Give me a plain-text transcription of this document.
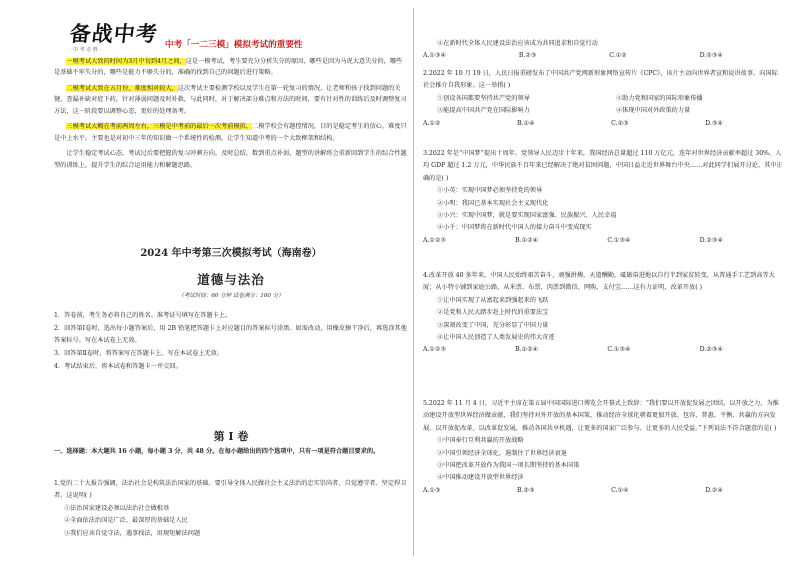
备战中考
· 中 考 必 胜 ·	中考「一二三模」模拟考试的重要性

一模考试大致的时间为3月中旬到4月之间，这是一模考试，考生要充分分析失分的原因，哪些是因为马虎大意失分的，哪些是基础不牢失分的，哪些是能力不够失分的，准确的找到自己的问题后进行策略。

二模考试大致在五月份，难度相对较大，这次考试主要检测学校以及学生在第一轮复习的情况，让老师和孩子找到问题的关键，查漏补缺对症下药，针对薄弱问题及时补救，与此同时，对于解决部分难点和方法的时间，要有针对性的训练后及时调整复习方法，这一阶段要以调整心态，更好的处理备考。

三模考试大概在考前两周左右，三模是中考前的最后一次考前模拟，二模学校会有题控情况，目的是稳定考生的信心，难度只是中上水平，主要也是对初中三年的知识做一个系统性的检测，让学生知道中考的一个大致框架和结构。

让学生稳定考试心态，考试过后要把握的复习冲刺方向。及时总结，数到重点补弱，题型的讲解将会重新回到学生的综合性题型的训练上，提升学生的综合运用能力和解题思路。

2024 年中考第三次模拟考试（海南卷）
道德与法治
（考试时间：60 分钟 试卷满分：100 分）
1．答卷前，考生务必将自己的姓名、准考证号填写在答题卡上。
2．回答第Ⅰ卷时，选出每小题答案后，用 2B 铅笔把答题卡上对应题目的答案标号涂黑。如需改动，用橡皮擦干净后，再选涂其他答案标号。写在本试卷上无效。
3．回答第Ⅱ卷时，将答案写在答题卡上。写在本试卷上无效。
4．考试结束后，将本试卷和答题卡一并交回。
第 Ⅰ 卷
一、选择题：本大题共 16 小题，每小题 3 分，共 48 分。在每小题给出的四个选项中，只有一项是符合题目要求的。
1.党的二十大报告强调，法治社会是构筑法治国家的基础。要引导全体人民做社会主义法治的忠实崇尚者、自觉遵守者、坚定捍卫者。这说明( )
①法治国家建设必须以法治社会做根基
②全面依法治国是广泛、最深厚的基础是人民
③我们应该自觉守法，遇事找法，用规矩解法问题
④在新时代全体人民建设法治应该成为共同追求和自觉行动
A.①③④	B.②③	C.①②	D.②③④
2.2022 年 10 月 19 日，人民日报重磅发布了中国共产党网新形象网络宣传片《CPC》，该片主动向世界者宣和说讲故事，向国际社会推介自我形象。这一举措( )
①创设各国都要坚持共产党的领导	②助力党和国家的国际形象传播
③能提高中国共产党在国际影响力	④体现中国对外政策的力量
A.①②	B.①④	C.②③	D.③④
3.2022 年是“中国梦”提出十周年，党领导人民迈步十年来，我国经济总量超过 110 万亿元，连年对世界经济贡献率超过 30%，人均 GDP 超过 1.2 万元，中华民族千百年来已经解决了绝对贫困问题，中国日益走近世界舞台中央……对此同学们展开讨论，其中正确的是( )
①小英：实现中国梦必须坚持党的领导
②小明：我国已基本实现社会主义现代化
③小兴：实现中国梦，就是要实现国家富强、民族振兴、人民幸福
④小千：中国梦将在新时代中国人的接力奋斗中变成现实
A.①②③	B.①②④	C.①③④	D.②③④
4.改革开放 40 多年来，中国人民始终艰苦奋斗，顽强拼搏，天道酬勤，砥砺奋进地以自行半到家贫转变，从普通手工艺到高等大厦；从小特小铺到家庭公路，从米票、布票、肉票到微信、网购、支付宝……这有力证明，改革开放( )
①让中国实现了从富起来到强起来的飞跃
②是党和人民大踏步赶上时代的重要法宝
③深刻改变了中国，充分彰显了中国力量
④让中国人民创造了人类发展史的伟大奇迹
A.①②③	B.①②④	C.①③④	D.②③④
5.2022 年 11 月 4 日，习近平主席在第五届中国国际进口博览会开幕式上致辞：“我们要以开放促发展之团结，以开放之力，为推动建设开放型世界经济做贡献，我们坚持对外开放的基本国策，推动经济全球化朝着更加开放、包容、普惠、平衡、共赢的方向发展，以开放促改革、以改革促发展，推动各国共享机遇，让更多的国家广泛参与、让更多的人民受益。”下列说法不符合题意的是( )
①中国奉行互利共赢的开放战略
②中国引领经济全球化，遏制住了世界经济衰退
③中国把改革开放作为我国一项长期坚持的基本国策
④中国推动建设开放型世界经济
A.①③	B.②③	C.①④	D.②④
